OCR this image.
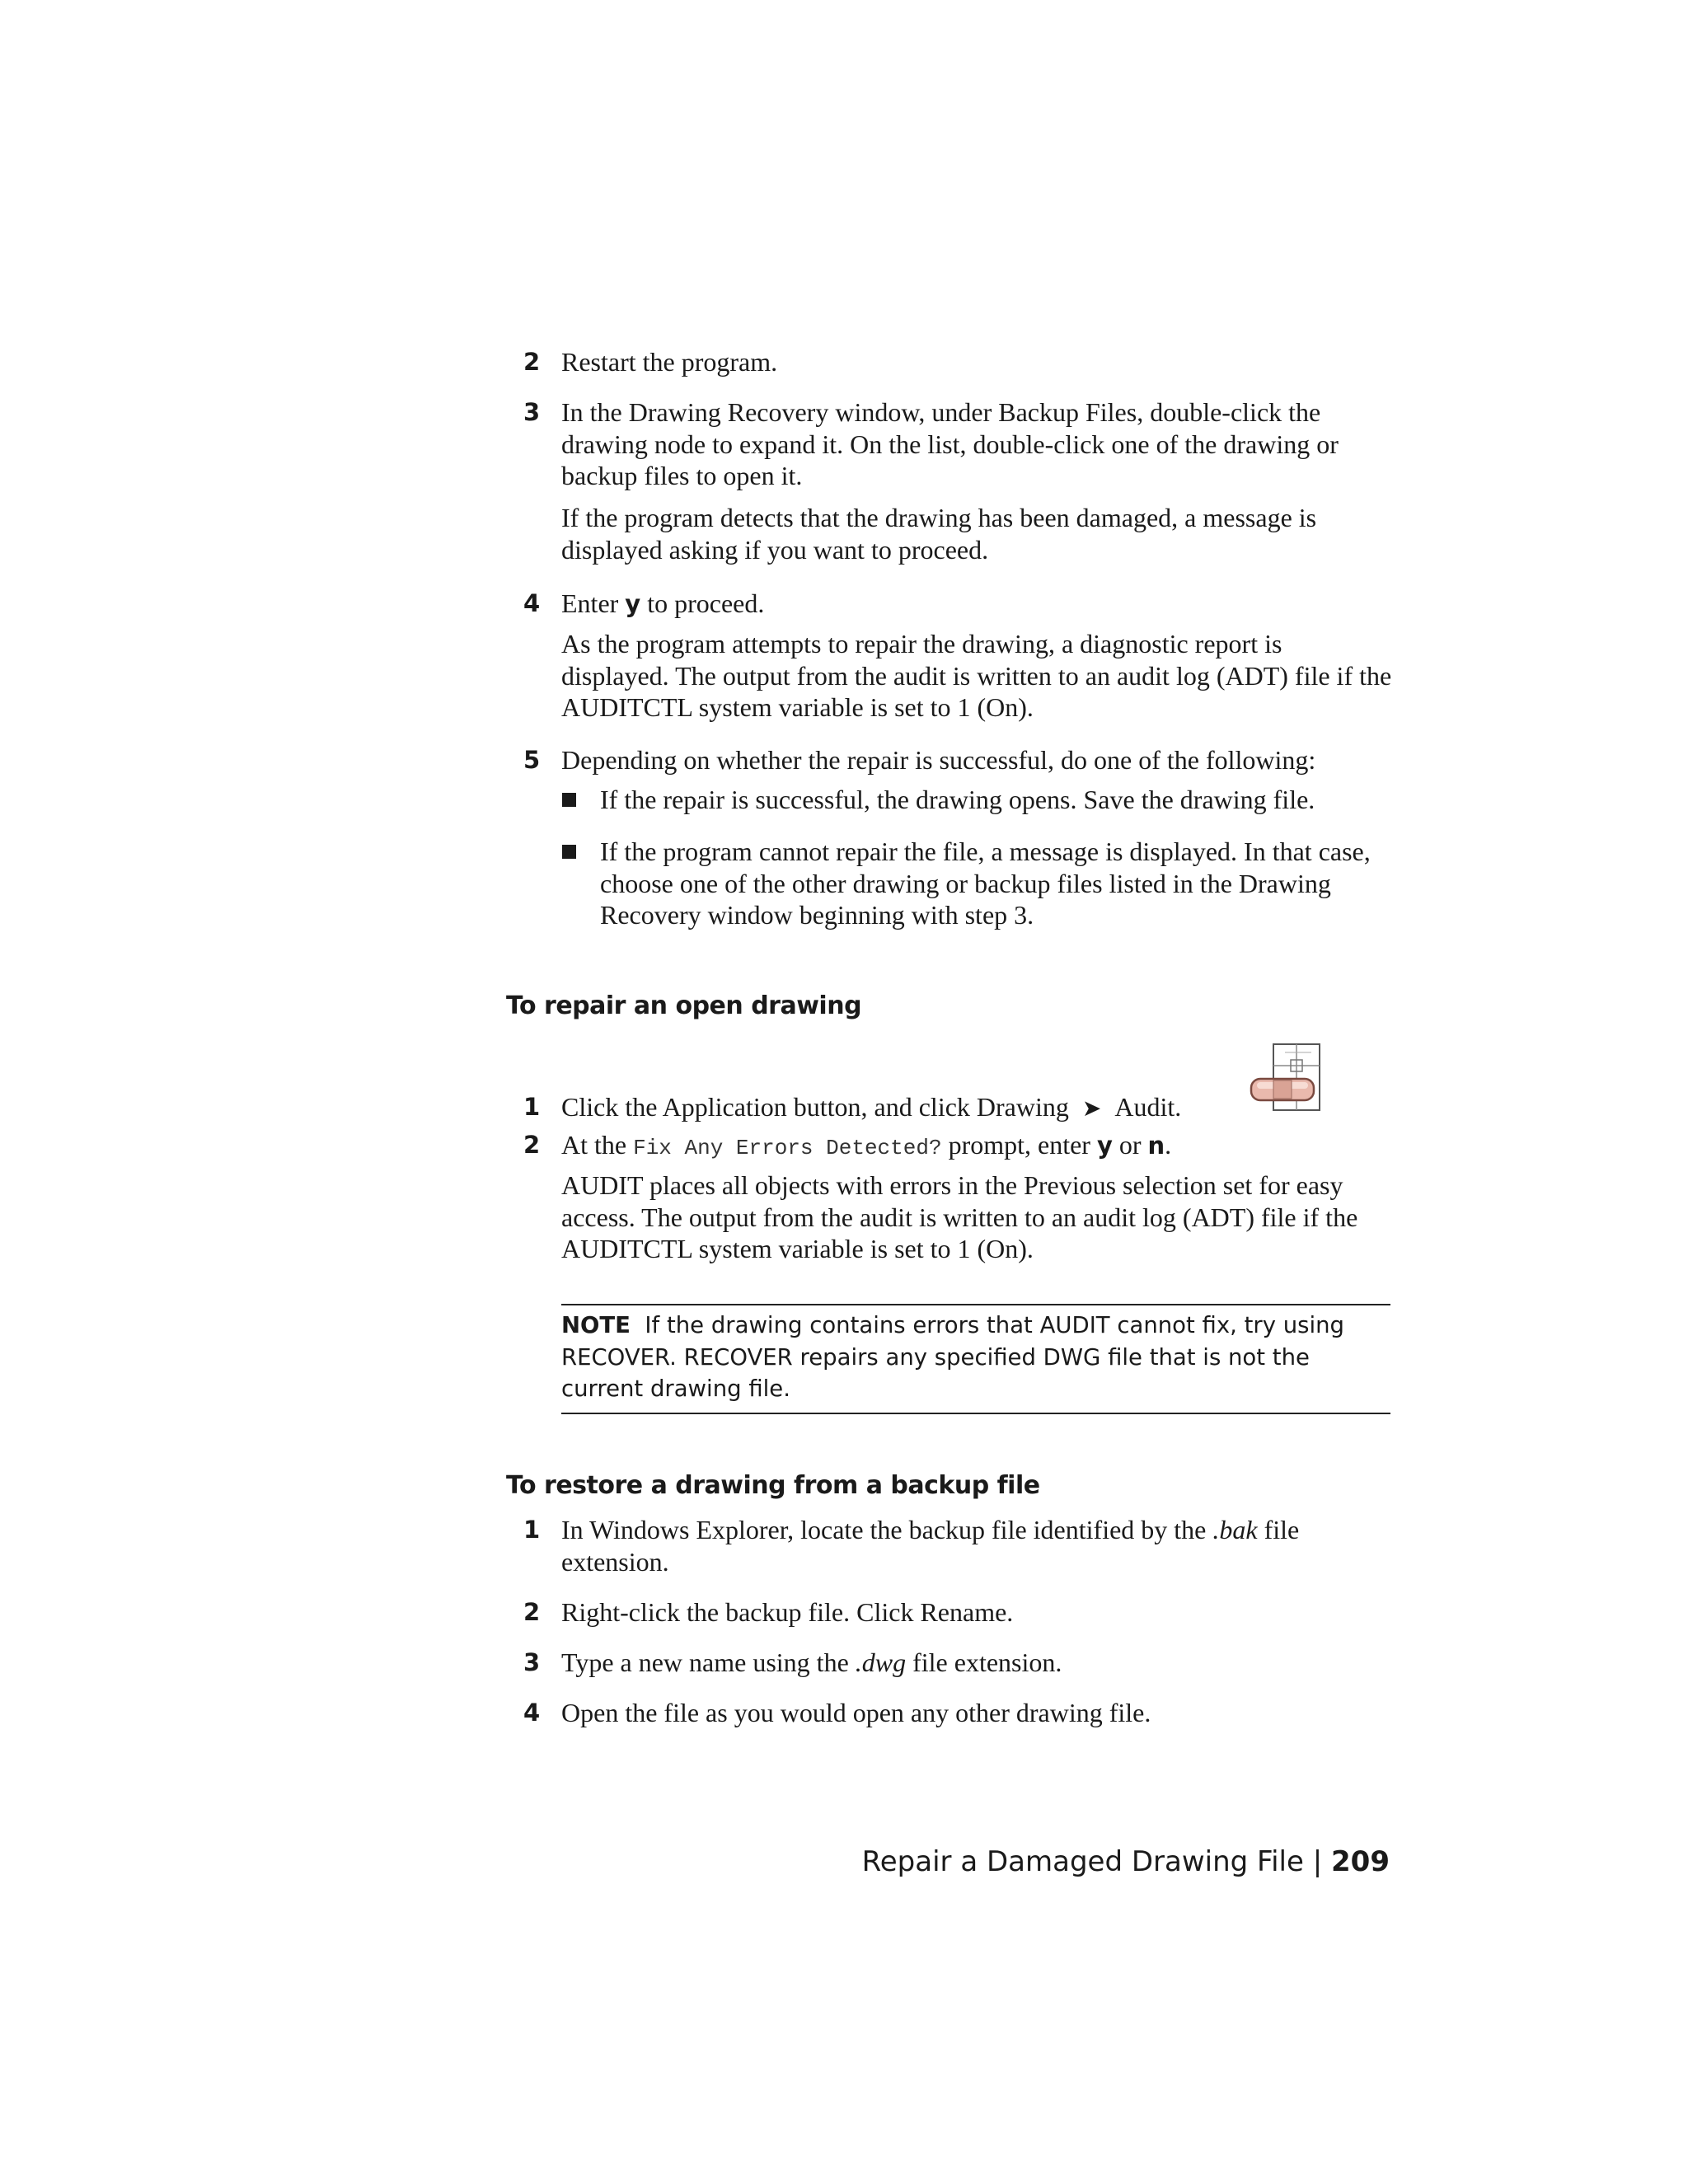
2 Restart the program.
3 In the Drawing Recovery window, under Backup Files, double-click the drawing node to expand it. On the list, double-click one of the drawing or backup files to open it.
If the program detects that the drawing has been damaged, a message is displayed asking if you want to proceed.
4 Enter y to proceed.
As the program attempts to repair the drawing, a diagnostic report is displayed. The output from the audit is written to an audit log (ADT) file if the AUDITCTL system variable is set to 1 (On).
5 Depending on whether the repair is successful, do one of the following:
If the repair is successful, the drawing opens. Save the drawing file.
If the program cannot repair the file, a message is displayed. In that case, choose one of the other drawing or backup files listed in the Drawing Recovery window beginning with step 3.
To repair an open drawing
1 Click the Application button, and click Drawing ➤ Audit.
2 At the Fix Any Errors Detected? prompt, enter y or n.
AUDIT places all objects with errors in the Previous selection set for easy access. The output from the audit is written to an audit log (ADT) file if the AUDITCTL system variable is set to 1 (On).
NOTE If the drawing contains errors that AUDIT cannot fix, try using RECOVER. RECOVER repairs any specified DWG file that is not the current drawing file.
To restore a drawing from a backup file
1 In Windows Explorer, locate the backup file identified by the .bak file extension.
2 Right-click the backup file. Click Rename.
3 Type a new name using the .dwg file extension.
4 Open the file as you would open any other drawing file.
Repair a Damaged Drawing File | 209
